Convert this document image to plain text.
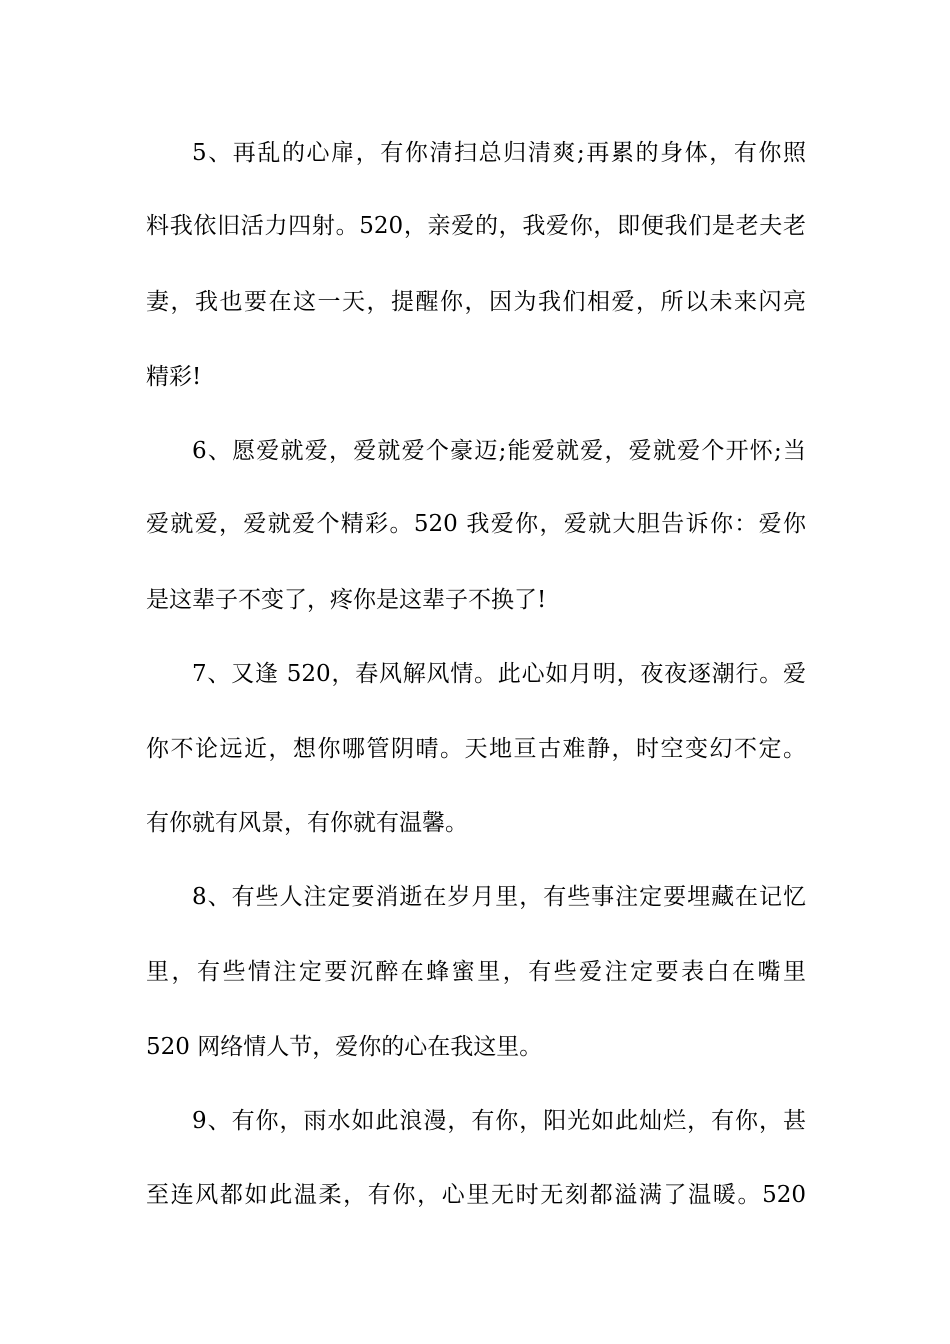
5、再乱的心扉，有你清扫总归清爽;再累的身体，有你照
料我依旧活力四射。520，亲爱的，我爱你，即便我们是老夫老
妻，我也要在这一天，提醒你，因为我们相爱，所以未来闪亮
精彩!
6、愿爱就爱，爱就爱个豪迈;能爱就爱，爱就爱个开怀;当
爱就爱，爱就爱个精彩。520 我爱你，爱就大胆告诉你：爱你
是这辈子不变了，疼你是这辈子不换了!
7、又逢 520，春风解风情。此心如月明，夜夜逐潮行。爱
你不论远近，想你哪管阴晴。天地亘古难静，时空变幻不定。
有你就有风景，有你就有温馨。
8、有些人注定要消逝在岁月里，有些事注定要埋藏在记忆
里，有些情注定要沉醉在蜂蜜里，有些爱注定要表白在嘴里
520 网络情人节，爱你的心在我这里。
9、有你，雨水如此浪漫，有你，阳光如此灿烂，有你，甚
至连风都如此温柔，有你，心里无时无刻都溢满了温暖。520
